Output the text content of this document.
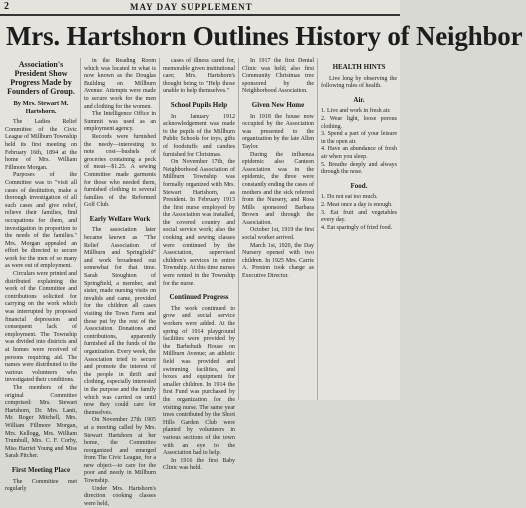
2	MAY DAY SUPPLEMENT
Mrs. Hartshorn Outlines History of Neighbor
Association's President Show Progress Made by Founders of Group.
By Mrs. Stewart M. Hartshorn.

The Ladies Relief Committee of the Civic League of Millburn Township held its first meeting on February 16th, 1894 at the home of Mrs. William Fillmore Morgan.

Purposes of the Committee was to "visit all cases of destitution, make a thorough investigation of all such cases and give relief, relieve their families, find occupations for them, and investigation in proportion to the needs of the families." Mrs. Morgan appealed an effort be directed to secure work for the men of so many as were out of employment.

Circulars were printed and distributed explaining the work of the Committee and contributions solicited for carrying on the work which was interrupted by proposed financial depression and consequent lack of employment. The Township was divided into districts and at homes were received of persons requiring aid. The names were distributed to the various volunteers who investigated their conditions.

The members of the original Committee comprised: Mrs. Stewart Hartshorn, Dr. Mrs. Lanti, Mr. Roger Mitchell, Mrs. William Fillmore Morgan, Mrs. Kellogg, Mrs. William Trumbull, Mrs. C. F. Corby, Miss Harriet Young and Miss Sarah Pitcher.

First Meeting Place

The Committee met regularly

in the Reading Room which was located in what is now known as the Douglas Building on Millburn Avenue. Attempts were made to secure work for the men and clothing for the women.

The Intelligence Office in Summit was used as an employment agency.

Records were furnished the needy—interesting to note cost—bushels of groceries containing a peck of meat—$1.25. A sewing Committee made garments for those who needed them, furnished clothing to several families of the Reformed Golf Club.

Early Welfare Work

The association later became known as "The Relief Association of Millburn and Springfield" and work broadened out somewhat for that time. Sarah Stoughton of Springfield, a member, and sister, made nursing visits on invalids and came, provided for the children all cases visiting the Town Farm and those put by the rest of the Association. Donations and contributions, apparently furnished all the funds of the organization. Every week, the Association tried to secure and promote the interest of the people in thrift and clothing, especially interested in the purpose and the family which was carried on until now they could care for themselves.

On November 27th 1905 at a meeting called by Mrs. Stewart Hartshorn at her home, the Committee reorganized and emerged from The Civic League, for a new object—to care for the poor and needy in Millburn Township.

Under Mrs. Hartshorn's direction cooking classes were held,

cases of illness cared for, memorable given institutional care; Mrs. Hartshorn's thought being to "Help those unable to help themselves."

School Pupils Help

In January 1912 acknowledgement was made to the pupils of the Millburn Public Schools for toys, gifts of foodstuffs and candies furnished for Christmas.

On November 17th, the Neighborhood Association of Millburn Township was formally organized with Mrs. Stewart Hartshorn, as President. In February 1913 the first nurse employed by the Association was installed, the covered country and social service work; also the cooking and sewing classes were continued by the Association, supervised children's services in entire Township. At this time nurses were rented in the Township for the nurse.

Continued Progress

The work continued to grow and social service workers were added. At the spring of 1914 playground facilities were provided by the Barbehuth House on Millburn Avenue; an athletic field was provided and swimming facilities, and boxes and equipment for smaller children. In 1914 the first Fund was purchased by the organization for the visiting nurse. The same year trees contributed by the Short Hills Garden Club were planted by volunteers in various sections of the town with an eye to the Association had to help.

In 1916 the first Baby Clinic was held.

In 1917 the first Dental Clinic was held; also first Community Christmas tree sponsored by the Neighborhood Association.

Given New Home

In 1918 the house now occupied by the Association was presented to the organization by the late Allen Taylor.

During the influenza epidemic also Canteen Association was in the epidemic, the three were constantly ending the cases of mothers and the sick referred from the Nursery, and Ross Mills sponsored Barbara Brown and through the Association.

October 1st, 1919 the first social worker arrived.

March 1st, 1920, the Day Nursery opened with two children. In 1925 Mrs. Carrie A. Preston took charge as Executive Director.

HEALTH HINTS

Live long by observing the following rules of health.

Air.

1. Live and work in fresh air.

2. Wear light, loose porous clothing.

3. Spend a part of your leisure in the open air.

4. Have an abundance of fresh air when you sleep.

5. Breathe deeply and always through the nose.

Food.

1. Do not eat too much.

2. Meat once a day is enough.

3. Eat fruit and vegetables every day.

4. Eat sparingly of fried food.
